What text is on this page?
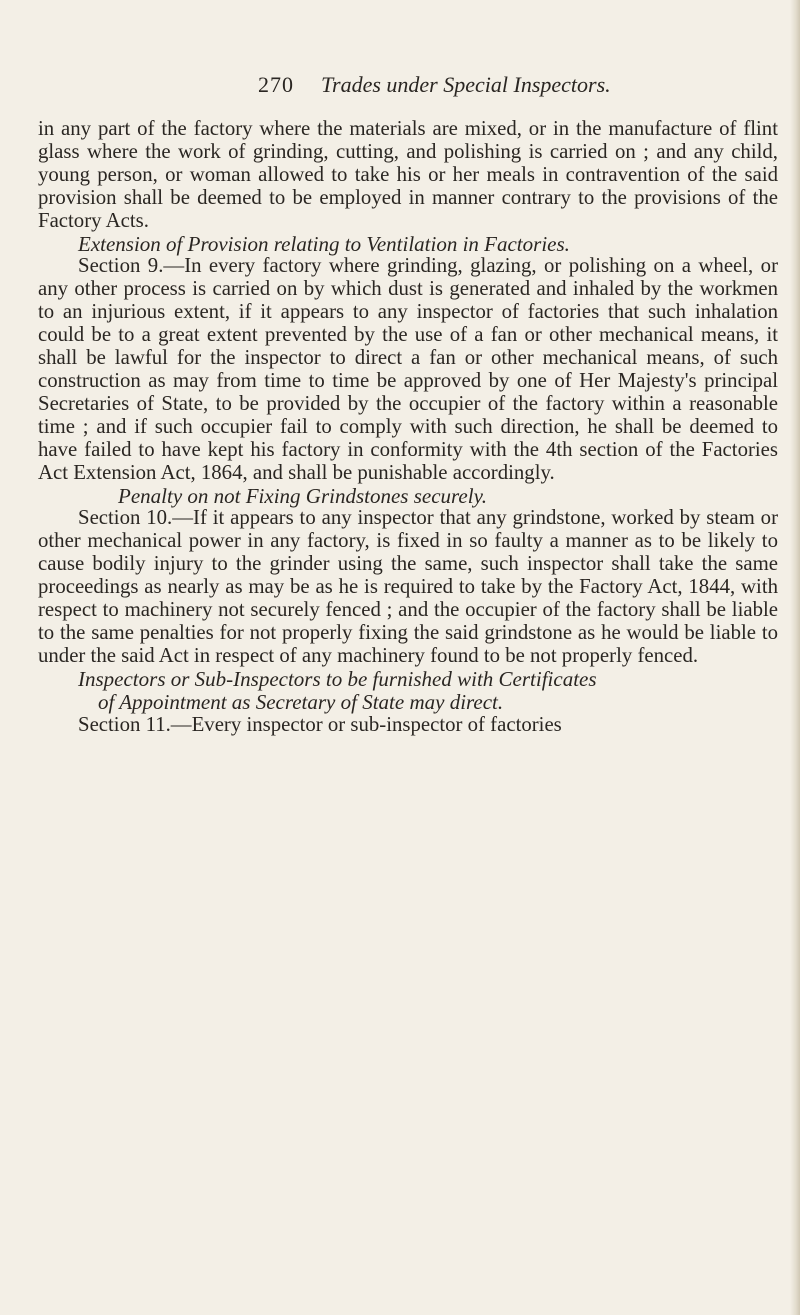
270 Trades under Special Inspectors.

in any part of the factory where the materials are mixed, or in the manufacture of flint glass where the work of grinding, cutting, and polishing is carried on ; and any child, young person, or woman allowed to take his or her meals in contravention of the said provision shall be deemed to be employed in manner contrary to the provisions of the Factory Acts.

Extension of Provision relating to Ventilation in Factories.

Section 9.—In every factory where grinding, glazing, or polishing on a wheel, or any other process is carried on by which dust is generated and inhaled by the workmen to an injurious extent, if it appears to any inspector of factories that such inhalation could be to a great extent prevented by the use of a fan or other mechanical means, it shall be lawful for the inspector to direct a fan or other mechanical means, of such construction as may from time to time be approved by one of Her Majesty's principal Secretaries of State, to be provided by the occupier of the factory within a reasonable time ; and if such occupier fail to comply with such direction, he shall be deemed to have failed to have kept his factory in conformity with the 4th section of the Factories Act Extension Act, 1864, and shall be punishable accordingly.

Penalty on not Fixing Grindstones securely.

Section 10.—If it appears to any inspector that any grindstone, worked by steam or other mechanical power in any factory, is fixed in so faulty a manner as to be likely to cause bodily injury to the grinder using the same, such inspector shall take the same proceedings as nearly as may be as he is required to take by the Factory Act, 1844, with respect to machinery not securely fenced ; and the occupier of the factory shall be liable to the same penalties for not properly fixing the said grindstone as he would be liable to under the said Act in respect of any machinery found to be not properly fenced.

Inspectors or Sub-Inspectors to be furnished with Certificates
of Appointment as Secretary of State may direct.

Section 11.—Every inspector or sub-inspector of factories
